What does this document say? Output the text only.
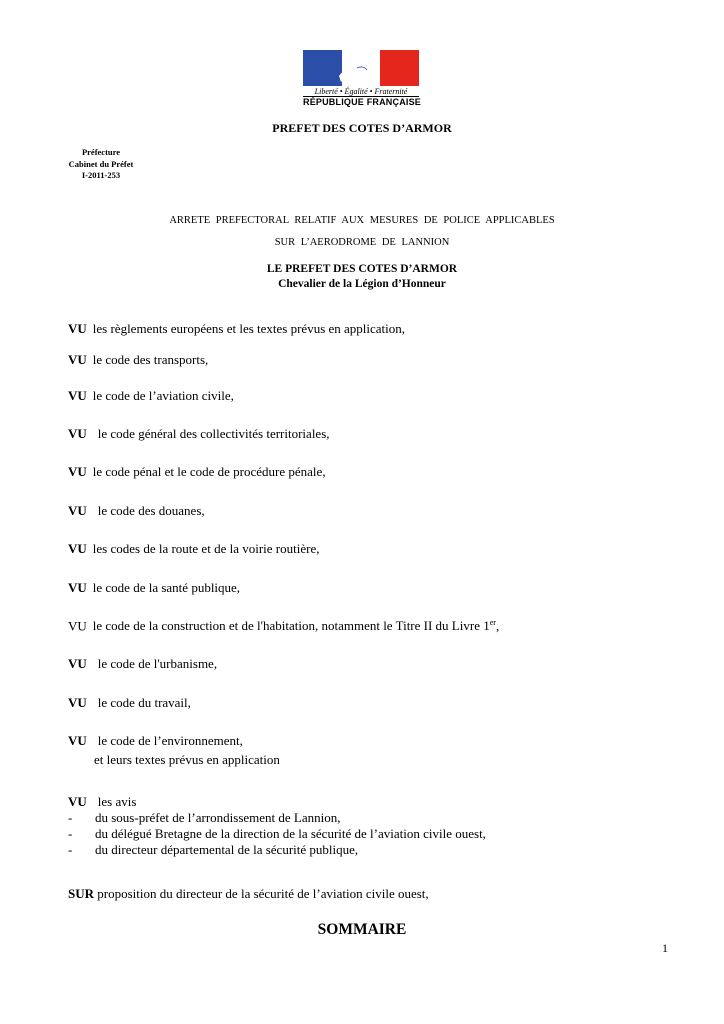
Liberté • Égalité • Fraternité
RÉPUBLIQUE FRANÇAISE
PREFET DES COTES D’ARMOR
Préfecture
Cabinet du Préfet
I-2011-253
ARRETE PREFECTORAL RELATIF AUX MESURES DE POLICE APPLICABLES
SUR L’AERODROME DE LANNION
LE PREFET DES COTES D’ARMOR
Chevalier de la Légion d’Honneur
VU les règlements européens et les textes prévus en application,
VU le code des transports,
VU le code de l’aviation civile,
VU le code général des collectivités territoriales,
VU le code pénal et le code de procédure pénale,
VU le code des douanes,
VU les codes de la route et de la voirie routière,
VU le code de la santé publique,
VU le code de la construction et de l'habitation, notamment le Titre II du Livre 1er,
VU le code de l'urbanisme,
VU le code du travail,
VU le code de l’environnement,
et leurs textes prévus en application
VU les avis
- du sous-préfet de l’arrondissement de Lannion,
- du délégué Bretagne de la direction de la sécurité de l’aviation civile ouest,
- du directeur départemental de la sécurité publique,
SUR proposition du directeur de la sécurité de l’aviation civile ouest,
SOMMAIRE
1
